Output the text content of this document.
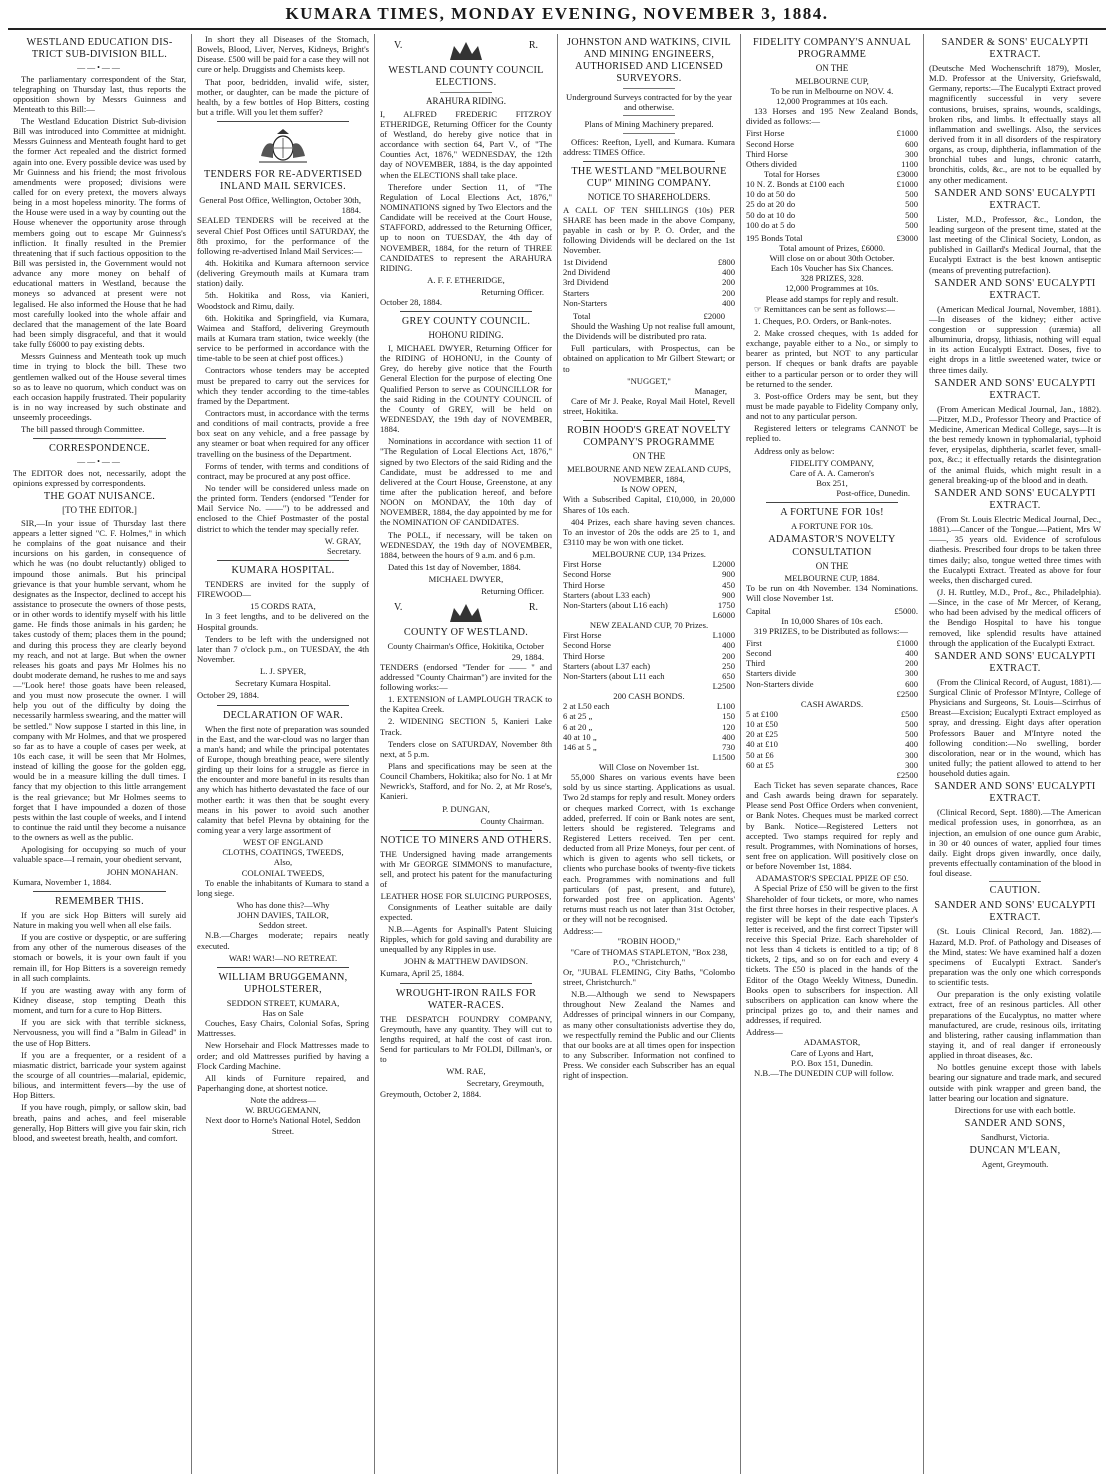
KUMARA TIMES, MONDAY EVENING, NOVEMBER 3, 1884.
WESTLAND EDUCATION DIS-TRICT SUB-DIVISION BILL.
——•——

The parliamentary correspondent of the Star, telegraphing on Thursday last, thus reports the opposition shown by Messrs Guinness and Menteath to this Bill:—

The Westland Education District Sub-division Bill was introduced into Committee at midnight. Messrs Guinness and Menteath fought hard to get the former Act repealed and the district formed again into one. Every possible device was used by Mr Guinness and his friend; the most frivolous amendments were proposed; divisions were called for on every pretext, the movers always being in a most hopeless minority. The forms of the House were used in a way by counting out the House whenever the opportunity arose through members going out to escape Mr Guinness's infliction. It finally resulted in the Premier threatening that if such factious opposition to the Bill was persisted in, the Government would not advance any more money on behalf of educational matters in Westland, because the moneys so advanced at present were not legalised. He also informed the House that he had most carefully looked into the whole affair and declared that the management of the late Board had been simply disgraceful, and that it would take fully £6000 to pay existing debts.

Messrs Guinness and Menteath took up much time in trying to block the bill. These two gentlemen walked out of the House several times so as to leave no quorum, which conduct was on each occasion happily frustrated. Their popularity is in no way increased by such obstinate and unseemly proceedings.

The bill passed through Committee.

CORRESPONDENCE.
——•——

The EDITOR does not, necessarily, adopt the opinions expressed by correspondents.

THE GOAT NUISANCE.
[TO THE EDITOR.]

SIR,—In your issue of Thursday last there appears a letter signed "C. F. Holmes," in which he complains of the goat nuisance and their incursions on his garden, in consequence of which he was (no doubt reluctantly) obliged to impound those animals. But his principal grievance is that your humble servant, whom he designates as the Inspector, declined to accept his assistance to prosecute the owners of those pests, or in other words to identify myself with his little game. He finds those animals in his garden; he takes custody of them; places them in the pound; and during this process they are clearly beyond my reach, and not at large. But when the owner releases his goats and pays Mr Holmes his no doubt moderate demand, he rushes to me and says—"Look here! those goats have been released, and you must now prosecute the owner. I will help you out of the difficulty by doing the necessarily harmless swearing, and the matter will be settled." Now suppose I started in this line, in company with Mr Holmes, and that we prospered so far as to have a couple of cases per week, at 10s each case, it will be seen that Mr Holmes, instead of killing the goose for the golden egg, would be in a measure killing the dull times. I fancy that my objection to this little arrangement is the real grievance; but Mr Holmes seems to forget that I have impounded a dozen of those pests within the last couple of weeks, and I intend to continue the raid until they become a nuisance to the owners as well as the public.

Apologising for occupying so much of your valuable space—I remain, your obedient servant,

JOHN MONAHAN.
Kumara, November 1, 1884.
REMEMBER THIS.

If you are sick Hop Bitters will surely aid Nature in making you well when all else fails.

If you are costive or dyspeptic, or are suffering from any other of the numerous diseases of the stomach or bowels, it is your own fault if you remain ill, for Hop Bitters is a sovereign remedy in all such complaints.

If you are wasting away with any form of Kidney disease, stop tempting Death this moment, and turn for a cure to Hop Bitters.

If you are sick with that terrible sickness, Nervousness, you will find a "Balm in Gilead" in the use of Hop Bitters.

If you are a frequenter, or a resident of a miasmatic district, barricade your system against the scourge of all countries—malarial, epidemic, bilious, and intermittent fevers—by the use of Hop Bitters.

If you have rough, pimply, or sallow skin, bad breath, pains and aches, and feel miserable generally, Hop Bitters will give you fair skin, rich blood, and sweetest breath, health, and comfort.

In short they all Diseases of the Stomach, Bowels, Blood, Liver, Nerves, Kidneys, Bright's Disease. £500 will be paid for a case they will not cure or help. Druggists and Chemists keep.

That poor, bedridden, invalid wife, sister, mother, or daughter, can be made the picture of health, by a few bottles of Hop Bitters, costing but a trifle. Will you let them suffer?

TENDERS FOR RE-ADVERTISED INLAND MAIL SERVICES.
General Post Office, Wellington, October 30th, 1884.

SEALED TENDERS will be received at the several Chief Post Offices until SATURDAY, the 8th proximo, for the performance of the following re-advertised Inland Mail Services:—

4th. Hokitika and Kumara afternoon service (delivering Greymouth mails at Kumara tram station) daily.

5th. Hokitika and Ross, via Kanieri, Woodstock and Rimu, daily.

6th. Hokitika and Springfield, via Kumara, Waimea and Stafford, delivering Greymouth mails at Kumara tram station, twice weekly (the service to be performed in accordance with the time-table to be seen at chief post offices.)

Contractors whose tenders may be accepted must be prepared to carry out the services for which they tender according to the time-tables framed by the Department.

Contractors must, in accordance with the terms and conditions of mail contracts, provide a free box seat on any vehicle, and a free passage by any steamer or boat when required for any officer travelling on the business of the Department.

Forms of tender, with terms and conditions of contract, may be procured at any post office.

No tender will be considered unless made on the printed form. Tenders (endorsed "Tender for Mail Service No. ——") to be addressed and enclosed to the Chief Postmaster of the postal district to which the tender may specially refer.

W. GRAY,
Secretary.
KUMARA HOSPITAL.

TENDERS are invited for the supply of FIREWOOD—

15 CORDS RATA,

In 3 feet lengths, and to be delivered on the Hospital grounds.

Tenders to be left with the undersigned not later than 7 o'clock p.m., on TUESDAY, the 4th November.

L. J. SPYER,
Secretary Kumara Hospital.
October 29, 1884.
DECLARATION OF WAR.

When the first note of preparation was sounded in the East, and the war-cloud was no larger than a man's hand; and while the principal potentates of Europe, though breathing peace, were silently girding up their loins for a struggle as fierce in the encounter and more baneful in its results than any which has hitherto devastated the face of our mother earth: it was then that be sought every means in his power to avoid such another calamity that befel Plevna by obtaining for the coming year a very large assortment of

WEST OF ENGLAND
CLOTHS, COATINGS, TWEEDS,
Also,
COLONIAL TWEEDS,

To enable the inhabitants of Kumara to stand a long siege.

Who has done this?—Why
JOHN DAVIES, TAILOR,
Seddon street.

N.B.—Charges moderate; repairs neatly executed.

WAR! WAR!—NO RETREAT.
WILLIAM BRUGGEMANN, UPHOLSTERER,
SEDDON STREET, KUMARA,
Has on Sale

Couches, Easy Chairs, Colonial Sofas, Spring Mattresses.

New Horsehair and Flock Mattresses made to order; and old Mattresses purified by having a Flock Carding Machine.

All kinds of Furniture repaired, and Paperhanging done, at shortest notice.

Note the address—
W. BRUGGEMANN,
Next door to Horne's National Hotel, Seddon Street.
V.	R.
WESTLAND COUNTY COUNCIL ELECTIONS.
ARAHURA RIDING.

I, ALFRED FREDERIC FITZROY ETHERIDGE, Returning Officer for the County of Westland, do hereby give notice that in accordance with section 64, Part V., of "The Counties Act, 1876," WEDNESDAY, the 12th day of NOVEMBER, 1884, is the day appointed when the ELECTIONS shall take place.

Therefore under Section 11, of "The Regulation of Local Elections Act, 1876," NOMINATIONS signed by Two Electors and the Candidate will be received at the Court House, STAFFORD, addressed to the Returning Officer, up to noon on TUESDAY, the 4th day of NOVEMBER, 1884, for the return of THREE CANDIDATES to represent the ARAHURA RIDING.

A. F. F. ETHERIDGE,
Returning Officer.
October 28, 1884.
GREY COUNTY COUNCIL.
HOHONU RIDING.

I, MICHAEL DWYER, Returning Officer for the RIDING of HOHONU, in the County of Grey, do hereby give notice that the Fourth General Election for the purpose of electing One Qualified Person to serve as COUNCILLOR for the said Riding in the COUNTY COUNCIL of the County of GREY, will be held on WEDNESDAY, the 19th day of NOVEMBER, 1884.

Nominations in accordance with section 11 of "The Regulation of Local Elections Act, 1876," signed by two Electors of the said Riding and the Candidate, must be addressed to me and delivered at the Court House, Greenstone, at any time after the publication hereof, and before NOON on MONDAY, the 10th day of NOVEMBER, 1884, the day appointed by me for the NOMINATION OF CANDIDATES.

The POLL, if necessary, will be taken on WEDNESDAY, the 19th day of NOVEMBER, 1884, between the hours of 9 a.m. and 6 p.m.

Dated this 1st day of November, 1884.

MICHAEL DWYER,
Returning Officer.
V.	R.
COUNTY OF WESTLAND.
County Chairman's Office, Hokitika, October 29, 1884.

TENDERS (endorsed "Tender for —— " and addressed "County Chairman") are invited for the following works:—

1. EXTENSION of LAMPLOUGH TRACK to the Kapitea Creek.

2. WIDENING SECTION 5, Kanieri Lake Track.

Tenders close on SATURDAY, November 8th next, at 5 p.m.

Plans and specifications may be seen at the Council Chambers, Hokitika; also for No. 1 at Mr Newrick's, Stafford, and for No. 2, at Mr Rose's, Kanieri.

P. DUNGAN,
County Chairman.
NOTICE TO MINERS AND OTHERS.

THE Undersigned having made arrangements with Mr GEORGE SIMMONS to manufacture, sell, and protect his patent for the manufacturing of

LEATHER HOSE FOR SLUICING PURPOSES,

Consignments of Leather suitable are daily expected.

N.B.—Agents for Aspinall's Patent Sluicing Ripples, which for gold saving and durability are unequalled by any Ripples in use.

JOHN & MATTHEW DAVIDSON.
Kumara, April 25, 1884.
WROUGHT-IRON RAILS FOR WATER-RACES.

THE DESPATCH FOUNDRY COMPANY, Greymouth, have any quantity. They will cut to lengths required, at half the cost of cast iron. Send for particulars to Mr FOLDI, Dillman's, or to

WM. RAE,
Secretary, Greymouth,
Greymouth, October 2, 1884.
JOHNSTON AND WATKINS, CIVIL AND MINING ENGINEERS, AUTHORISED AND LICENSED SURVEYORS.
Underground Surveys contracted for by the year and otherwise.
Plans of Mining Machinery prepared.

Offices: Reefton, Lyell, and Kumara. Kumara address: TIMES Office.

THE WESTLAND "MELBOURNE CUP" MINING COMPANY.
NOTICE TO SHAREHOLDERS.

A CALL OF TEN SHILLINGS (10s) PER SHARE has been made in the above Company, payable in cash or by P. O. Order, and the following Dividends will be declared on the 1st November.

1st Dividend	£800
2nd Dividend	400
3rd Dividend	200
Starters	200
Non-Starters	400
Total	£2000

Should the Washing Up not realise full amount, the Dividends will be distributed pro rata.

Full particulars, with Prospectus, can be obtained on application to Mr Gilbert Stewart; or to

"NUGGET,"
Manager,

Care of Mr J. Peake, Royal Mail Hotel, Revell street, Hokitika.

ROBIN HOOD'S GREAT NOVELTY COMPANY'S PROGRAMME
ON THE
MELBOURNE AND NEW ZEALAND CUPS,
NOVEMBER, 1884,
Is NOW OPEN,

With a Subscribed Capital, £10,000, in 20,000 Shares of 10s each.

404 Prizes, each share having seven chances. To an investor of 20s the odds are 25 to 1, and £3110 may be won with one ticket.

MELBOURNE CUP, 134 Prizes.
First Horse	L2000
Second Horse	900
Third Horse	450
Starters (about L33 each)	900
Non-Starters (about L16 each)	1750
L6000
NEW ZEALAND CUP, 70 Prizes.
First Horse	L1000
Second Horse	400
Third Horse	200
Starters (about L37 each)	250
Non-Starters (about L11 each	650
L2500
200 CASH BONDS.
2 at L50 each	L100
6 at 25 „	150
6 at 20 „	120
40 at 10 „	400
146 at 5 „	730
L1500
Will Close on November 1st.

55,000 Shares on various events have been sold by us since starting. Applications as usual. Two 2d stamps for reply and result. Money orders or cheques marked Correct, with 1s exchange added, preferred. If coin or Bank notes are sent, letters should be registered. Telegrams and Registered Letters received. Ten per cent. deducted from all Prize Moneys, four per cent. of which is given to agents who sell tickets, or clients who purchase books of twenty-five tickets each. Programmes with nominations and full particulars (of past, present, and future), forwarded post free on application. Agents' returns must reach us not later than 31st October, or they will not be recognised.

Address:—
"ROBIN HOOD,"
"Care of THOMAS STAPLETON, "Box 238, P.O., "Christchurch,"
Or, "JUBAL FLEMING, City Baths, "Colombo street, Christchurch."

N.B.—Although we send to Newspapers throughout New Zealand the Names and Addresses of principal winners in our Company, as many other consultationists advertise they do, we respectfully remind the Public and our Clients that our books are at all times open for inspection to any Subscriber. Information not confined to Press. We consider each Subscriber has an equal right of inspection.

FIDELITY COMPANY'S ANNUAL PROGRAMME
ON THE
MELBOURNE CUP,
To be run in Melbourne on NOV. 4.
12,000 Programmes at 10s each.

133 Horses and 195 New Zealand Bonds, divided as follows:—

First Horse	£1000
Second Horse	600
Third Horse	300
Others divided	1100
Total for Horses	£3000
10 N. Z. Bonds at £100 each	£1000
10 do at 50 do	500
25 do at 20 do	500
50 do at 10 do	500
100 do at 5 do	500
195 Bonds Total	£3000
Total amount of Prizes, £6000.
Will close on or about 30th October.
Each 10s Voucher has Six Chances.
328 PRIZES, 328.
12,000 Programmes at 10s.
Please add stamps for reply and result.

☞ Remittances can be sent as follows:—

1. Cheques, P.O. Orders, or Bank-notes.

2. Make crossed cheques, with 1s added for exchange, payable either to a No., or simply to bearer as printed, but NOT to any particular person. If cheques or bank drafts are payable either to a particular person or to order they will be returned to the sender.

3. Post-office Orders may be sent, but they must be made payable to Fidelity Company only, and not to any particular person.

Registered letters or telegrams CANNOT be replied to.

Address only as below:

FIDELITY COMPANY,
Care of A. A. Cameron's
Box 251,
Post-office, Dunedin.
A FORTUNE FOR 10s!
A FORTUNE FOR 10s.
ADAMASTOR'S NOVELTY CONSULTATION
ON THE
MELBOURNE CUP, 1884.

To be run on 4th November. 134 Nominations. Will close November 1st.

Capital	£5000.
In 10,000 Shares of 10s each.

319 PRIZES, to be Distributed as follows:—

First	£1000
Second	400
Third	200
Starters divide	300
Non-Starters divide	600
£2500
CASH AWARDS.
5 at £100	£500
10 at £50	500
20 at £25	500
40 at £10	400
50 at £6	300
60 at £5	300
£2500

Each Ticket has seven separate chances, Race and Cash awards being drawn for separately. Please send Post Office Orders when convenient, or Bank Notes. Cheques must be marked correct by Bank. Notice—Registered Letters not accepted. Two stamps required for reply and result. Programmes, with Nominations of horses, sent free on application. Will positively close on or before November 1st, 1884.

ADAMASTOR'S SPECIAL PPIZE OF £50.

A Special Prize of £50 will be given to the first Shareholder of four tickets, or more, who names the first three horses in their respective places. A register will be kept of the date each Tipster's letter is received, and the first correct Tipster will receive this Special Prize. Each shareholder of not less than 4 tickets is entitled to a tip; of 8 tickets, 2 tips, and so on for each and every 4 tickets. The £50 is placed in the hands of the Editor of the Otago Weekly Witness, Dunedin. Books open to subscribers for inspection. All subscribers on application can know where the principal prizes go to, and their names and addresses, if required.

Address—
ADAMASTOR,
Care of Lyons and Hart,
P.O. Box 151, Dunedin.

N.B.—The DUNEDIN CUP will follow.

SANDER & SONS' EUCALYPTI EXTRACT.

(Deutsche Med Wochenschrift 1879), Mosler, M.D. Professor at the University, Griefswald, Germany, reports:—The Eucalypti Extract proved magnificently successful in very severe contusions, bruises, sprains, wounds, scaldings, broken ribs, and limbs. It effectually stays all inflammation and swellings. Also, the services derived from it in all disorders of the respiratory organs, as croup, diphtheria, inflammation of the bronchial tubes and lungs, chronic catarrh, bronchitis, colds, &c., are not to be equalled by any other medicament.

SANDER AND SONS' EUCALYPTI EXTRACT.

Lister, M.D., Professor, &c., London, the leading surgeon of the present time, stated at the last meeting of the Clinical Society, London, as published in Gaillard's Medical Journal, that the Eucalypti Extract is the best known antiseptic (means of preventing putrefaction).

SANDER AND SONS' EUCALYPTI EXTRACT.

(American Medical Journal, November, 1881).—In diseases of the kidney; either active congestion or suppression (uræmia) all albuminuria, dropsy, lithiasis, nothing will equal in its action Eucalypti Extract. Doses, five to eight drops in a little sweetened water, twice or three times daily.

SANDER AND SONS' EUCALYPTI EXTRACT.

(From American Medical Journal, Jan., 1882).—Pitzer, M.D., Professor Theory and Practice of Medicine, American Medical College, says—It is the best remedy known in typhomalarial, typhoid fever, erysipelas, diphtheria, scarlet fever, small-pox, &c.; it effectually retards the disintegration of the animal fluids, which might result in a general breaking-up of the blood and in death.

SANDER AND SONS' EUCALYPTI EXTRACT.

(From St. Louis Electric Medical Journal, Dec., 1881).—Cancer of the Tongue.—Patient, Mrs W——, 35 years old. Evidence of scrofulous diathesis. Prescribed four drops to be taken three times daily; also, tongue wetted three times with the Eucalypti Extract. Treated as above for four weeks, then discharged cured.

(J. H. Ruttley, M.D., Prof., &c., Philadelphia).—Since, in the case of Mr Mercer, of Kerang, who had been advised by the medical officers of the Bendigo Hospital to have his tongue removed, like splendid results have attained through the application of the Eucalypti Extract.

SANDER AND SONS' EUCALYPTI EXTRACT.

(From the Clinical Record, of August, 1881).—Surgical Clinic of Professor M'Intyre, College of Physicians and Surgeons, St. Louis—Scirrhus of Breast—Excision; Eucalypti Extract employed as spray, and dressing. Eight days after operation Professors Bauer and M'Intyre noted the following condition:—No swelling, border discoloration, near or in the wound, which has united fully; the patient allowed to attend to her household duties again.

SANDER AND SONS' EUCALYPTI EXTRACT.

(Clinical Record, Sept. 1880).—The American medical profession uses, in gonorrhœa, as an injection, an emulsion of one ounce gum Arabic, in 30 or 40 ounces of water, applied four times daily. Eight drops given inwardly, once daily, prevents effectually contamination of the blood in foul disease.

CAUTION.
SANDER AND SONS' EUCALYPTI EXTRACT.

(St. Louis Clinical Record, Jan. 1882).—Hazard, M.D. Prof. of Pathology and Diseases of the Mind, states: We have examined half a dozen specimens of Eucalypti Extract. Sander's preparation was the only one which corresponds to scientific tests.

Our preparation is the only existing volatile extract, free of an resinous particles. All other preparations of the Eucalyptus, no matter where manufactured, are crude, resinous oils, irritating and blistering, rather causing inflammation than staying it, and of real danger if erroneously applied in throat diseases, &c.

No bottles genuine except those with labels bearing our signature and trade mark, and secured outside with pink wrapper and green band, the latter bearing our location and signature.

Directions for use with each bottle.
SANDER AND SONS,
Sandhurst, Victoria.
DUNCAN M'LEAN,
Agent, Greymouth.
